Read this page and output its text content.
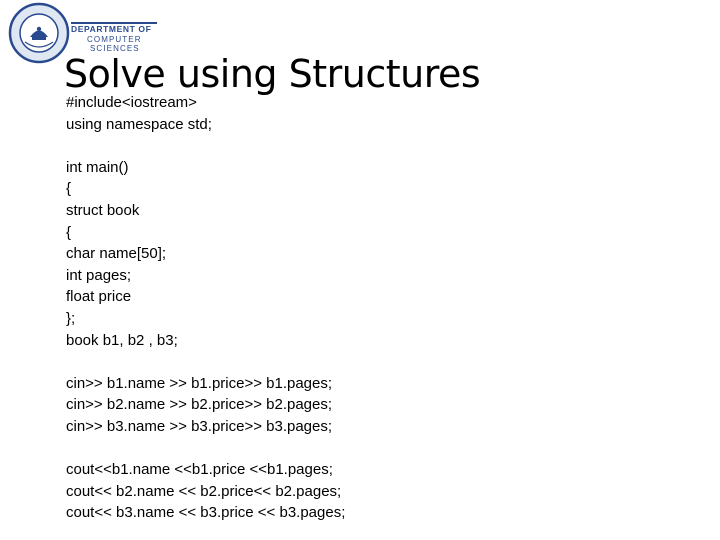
DEPARTMENT OF
COMPUTER
SCIENCES
Solve using Structures
#include<iostream>
using namespace std;
int main()
{
struct book
{
char name[50];
int pages;
float price
};
book b1, b2 , b3;
cin>> b1.name >> b1.price>> b1.pages;
cin>> b2.name >> b2.price>> b2.pages;
cin>> b3.name >> b3.price>> b3.pages;
cout<<b1.name <<b1.price <<b1.pages;
cout<< b2.name << b2.price<< b2.pages;
cout<< b3.name << b3.price << b3.pages;
